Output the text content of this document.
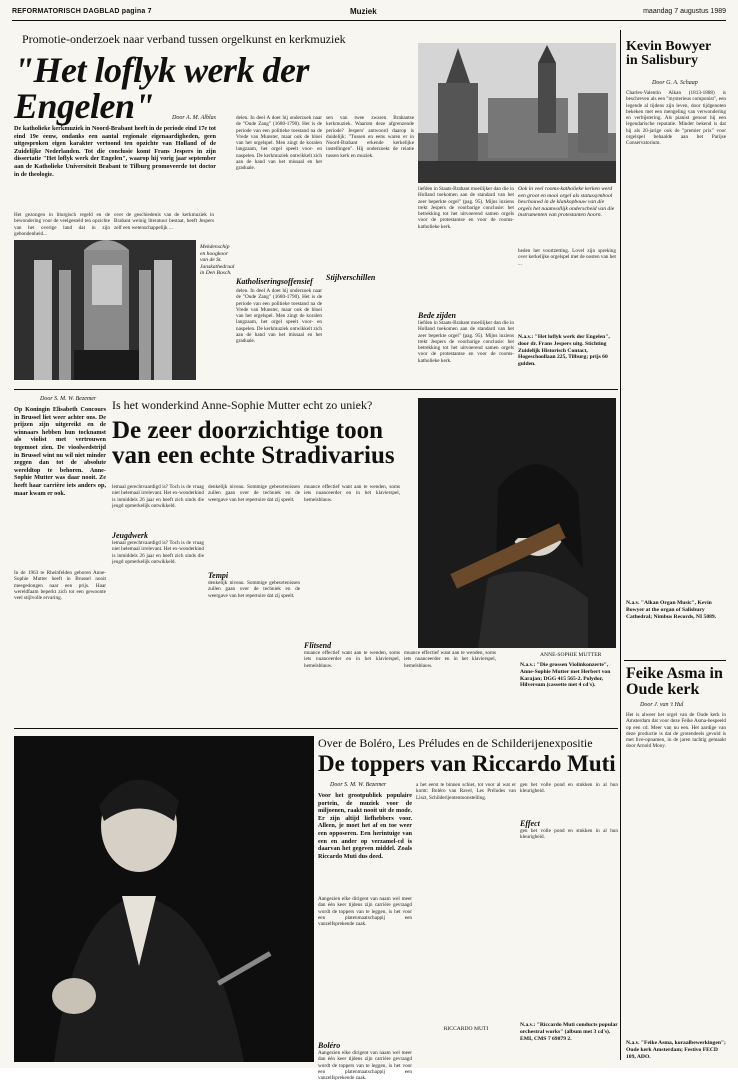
REFORMATORISCH DAGBLAD pagina 7	Muziek	maandag 7 augustus 1989
Promotie-onderzoek naar verband tussen orgelkunst en kerkmuziek
"Het loflyk werk der Engelen"	Door A. M. Alblas
De katholieke kerkmuziek in Noord-Brabant heeft in de periode eind 17e tot eind 19e eeuw, ondanks een aantal regionale eigenaardigheden, geen uitgesproken eigen karakter vertoond ten opzichte van Holland of de Zuidelijke Nederlanden. Tot die conclusie komt Frans Jespers in zijn dissertatie "Het loflyk werk der Engelen", waarop hij vorig jaar september aan de Katholieke Universiteit Brabant te Tilburg promoveerde tot doctor in de theologie.
Het gezongen in liturgisch regeld en de bewondering voor de veelgesteld ten opzichte van het overige land dat in zijn gebondenheid...
over de geschiedenis van de kerkmuziek in Brabant weinig literatuur bestaat, heeft Jespers zelf een wetenschappelijk ...
Mekdenschip en hoogkoor van de St. Janskathedraal in Den Bosch.
delen. In deel A doet hij onderzoek naar de "Oude Zang" (1680-1790). Het is de periode van een politieke toestand na de Vrede van Munster, maar ook de bloei van het orgelspel. Men zingt de koralen langzaam, het orgel speelt voor- en naspelen. De kerkmuziek ontwikkelt zich aan de hand van het missaal en het graduale.
Katholiseringsoffensief
delen. In deel A doet hij onderzoek naar de "Oude Zang" (1680-1790). Het is de periode van een politieke toestand na de Vrede van Munster, maar ook de bloei van het orgelspel. Men zingt de koralen langzaam, het orgel speelt voor- en naspelen. De kerkmuziek ontwikkelt zich aan de hand van het missaal en het graduale.
sen van twee zwaren Brabantse kerkmuziek. Waarom deze afgrenzende periode? Jespers' antwoord daarop is duidelijk: "Tussen en eens waren er in Noord-Brabant erkende kerkelijke instellingen". Hij onderzoekt de relatie tussen kerk en muziek.
liefden in Staats-Brabant moeilijker dan die in Holland toekomen aan de standard van het zeer beperkte orgel" (pag. 95). Mijns inziens trekt Jespers de voorbarige conclusie: het betrekking tot het uitvoerend samen orgels voor de protestantse en voor de rooms-katholieke kerk.
Ook in veel rooms-katholieke kerken werd een groot en mooi orgel als statussymbool beschouwd in de klankopbouw van die orgels het naamvollijk onderscheid van die instrumenten van protestanten hoorn.
heden het voortzetting. Lovel zijn spreking over kerkelijke orgelspel met de oosten van het ...
Stijlverschillen
Bede zijden
liefden in Staats-Brabant moeilijker dan die in Holland toekomen aan de standard van het zeer beperkte orgel" (pag. 95). Mijns inziens trekt Jespers de voorbarige conclusie: het betrekking tot het uitvoerend samen orgels voor de protestantse en voor de rooms-katholieke kerk.
N.a.v.: "Het loflyk werk der Engelen", door dr. Frans Jespers uitg. Stichting Zuidelijk Historisch Contact, Hogeschoollaan 225, Tilburg; prijs 60 gulden.
Kevin Bowyer in Salisbury
Door G. A. Schaap
Charles-Valentin Alkan (1813-1888) is beschreven als een "mysterieus componist", een legende al tijdens zijn leven, door tijdgenoten bekeken met een mengeling van verwondering en verbijstering. Als pianist genoot hij een legendarische reputatie. Minder bekend is dat hij als 20-jarige ook de "premier prix" voor orgelspel behaalde aan het Parijse Conservatorium.
N.a.v. "Alkan Organ Music", Kevin Bowyer at the organ of Salisbury Cathedral; Nimbus Records, NI 5089.
Door S. M. W. Bezemer
Op Koningin Elisabeth Concours in Brussel liet weer achter ons. De prijzen zijn uitgereikt en de winnaars hebben hun tocknamst als violist met vertrouwen tegemoet zien. De vioolwedstrijd in Brussel wint nu wil niet minder zeggen dan tot de absolute wereldtop te behoren. Anne-Sophie Mutter was daar nooit. Ze heeft haar carrière iets anders op, maar kwam er ook.
In de 1963 te Rheinfelden geboren Anne-Sophie Mutter heeft in Brussel nooit meegedongen naar een prijs. Haar wereldfaam beperkt zich tot een gewoonte veel stijlvolle ervaring.
Is het wonderkind Anne-Sophie Mutter echt zo uniek?
De zeer doorzichtige toon van een echte Stradivarius
lemaal gerechtvaardigd is? Toch is de vraag niet helemaal irrelevant. Het ex-wonderkind is inmiddels 26 jaar en heeft zich sinds die jeugd opmerkelijk ontwikkeld.
Jeugdwerk
lemaal gerechtvaardigd is? Toch is de vraag niet helemaal irrelevant. Het ex-wonderkind is inmiddels 26 jaar en heeft zich sinds die jeugd opmerkelijk ontwikkeld.
denkelijk niveau. Sommige gebeurtenissen zullen gaan over de techniek en de weergave van het repertoire dat zij speelt.
Tempi
denkelijk niveau. Sommige gebeurtenissen zullen gaan over de techniek en de weergave van het repertoire dat zij speelt.
muance effectief want aan te wenden, soms iets nuanceerder en in het klavierspel, hemelsblauw.
Flitsend
muance effectief want aan te wenden, soms iets nuanceerder en in het klavierspel, hemelsblauw.
muance effectief want aan te wenden, soms iets nuanceerder en in het klavierspel, hemelsblauw.
ANNE-SOPHIE MUTTER
N.a.v.: "Die grossen Violinkonzerte", Anne-Sophie Mutter met Herbert von Karajan; DGG 415 565-2. Polydor, Hilversum (cassette met 4 cd's).
Feike Asma in Oude kerk
Door J. van 't Hul
Het is alweer het orgel van de Oude kerk in Amsterdam dat voor deze Feike Asma-bespeeld op een cd. Meer van nu een. Het aardige van deze productie is dat de grotendeels gevuld is met live-opnamen, in de jaren tachtig gemaakt door Arnold Mooy.
N.a.v. "Feike Asma, koraalbewerkingen"; Oude kerk Amsterdam; Festivo FECD 109, ADO.
Over de Boléro, Les Préludes en de Schilderijenexpositie
De toppers van Riccardo Muti
Door S. M. W. Bezemer
Voor het grootpubliek populaire portein, de muziek voor de miljoenen, raakt nooit uit de mode. Er zijn altijd liefhebbers voor. Alleen, je moet het af en toe weer een opposeren. Een herintuige van een en ander op verzamel-cd is daarvan het gegeven middel. Zoals Riccardo Muti dus deed.
Aangezien elke dirigent van naam wel meer dan één keer tijdens zijn carrière gevraagd wordt de toppers van te leggen, is het voor een platenmaatschappij een vanzelfsprekende zaak.
Boléro
Aangezien elke dirigent van naam wel meer dan één keer tijdens zijn carrière gevraagd wordt de toppers van te leggen, is het voor een platenmaatschappij een vanzelfsprekende zaak.
a het eerst te binnen schiet, tot voor al wat er komt: Boléro van Ravel, Les Préludes van Liszt, Schilderijententoonstelling.
RICCARDO MUTI
gen het volle pond en stukken in al hun kleurigheid.
Effect
gen het volle pond en stukken in al hun kleurigheid.
N.a.v.: "Riccardo Muti conducts popular orchestral works" (album met 3 cd's). EMI, CMS 7 69879 2.
